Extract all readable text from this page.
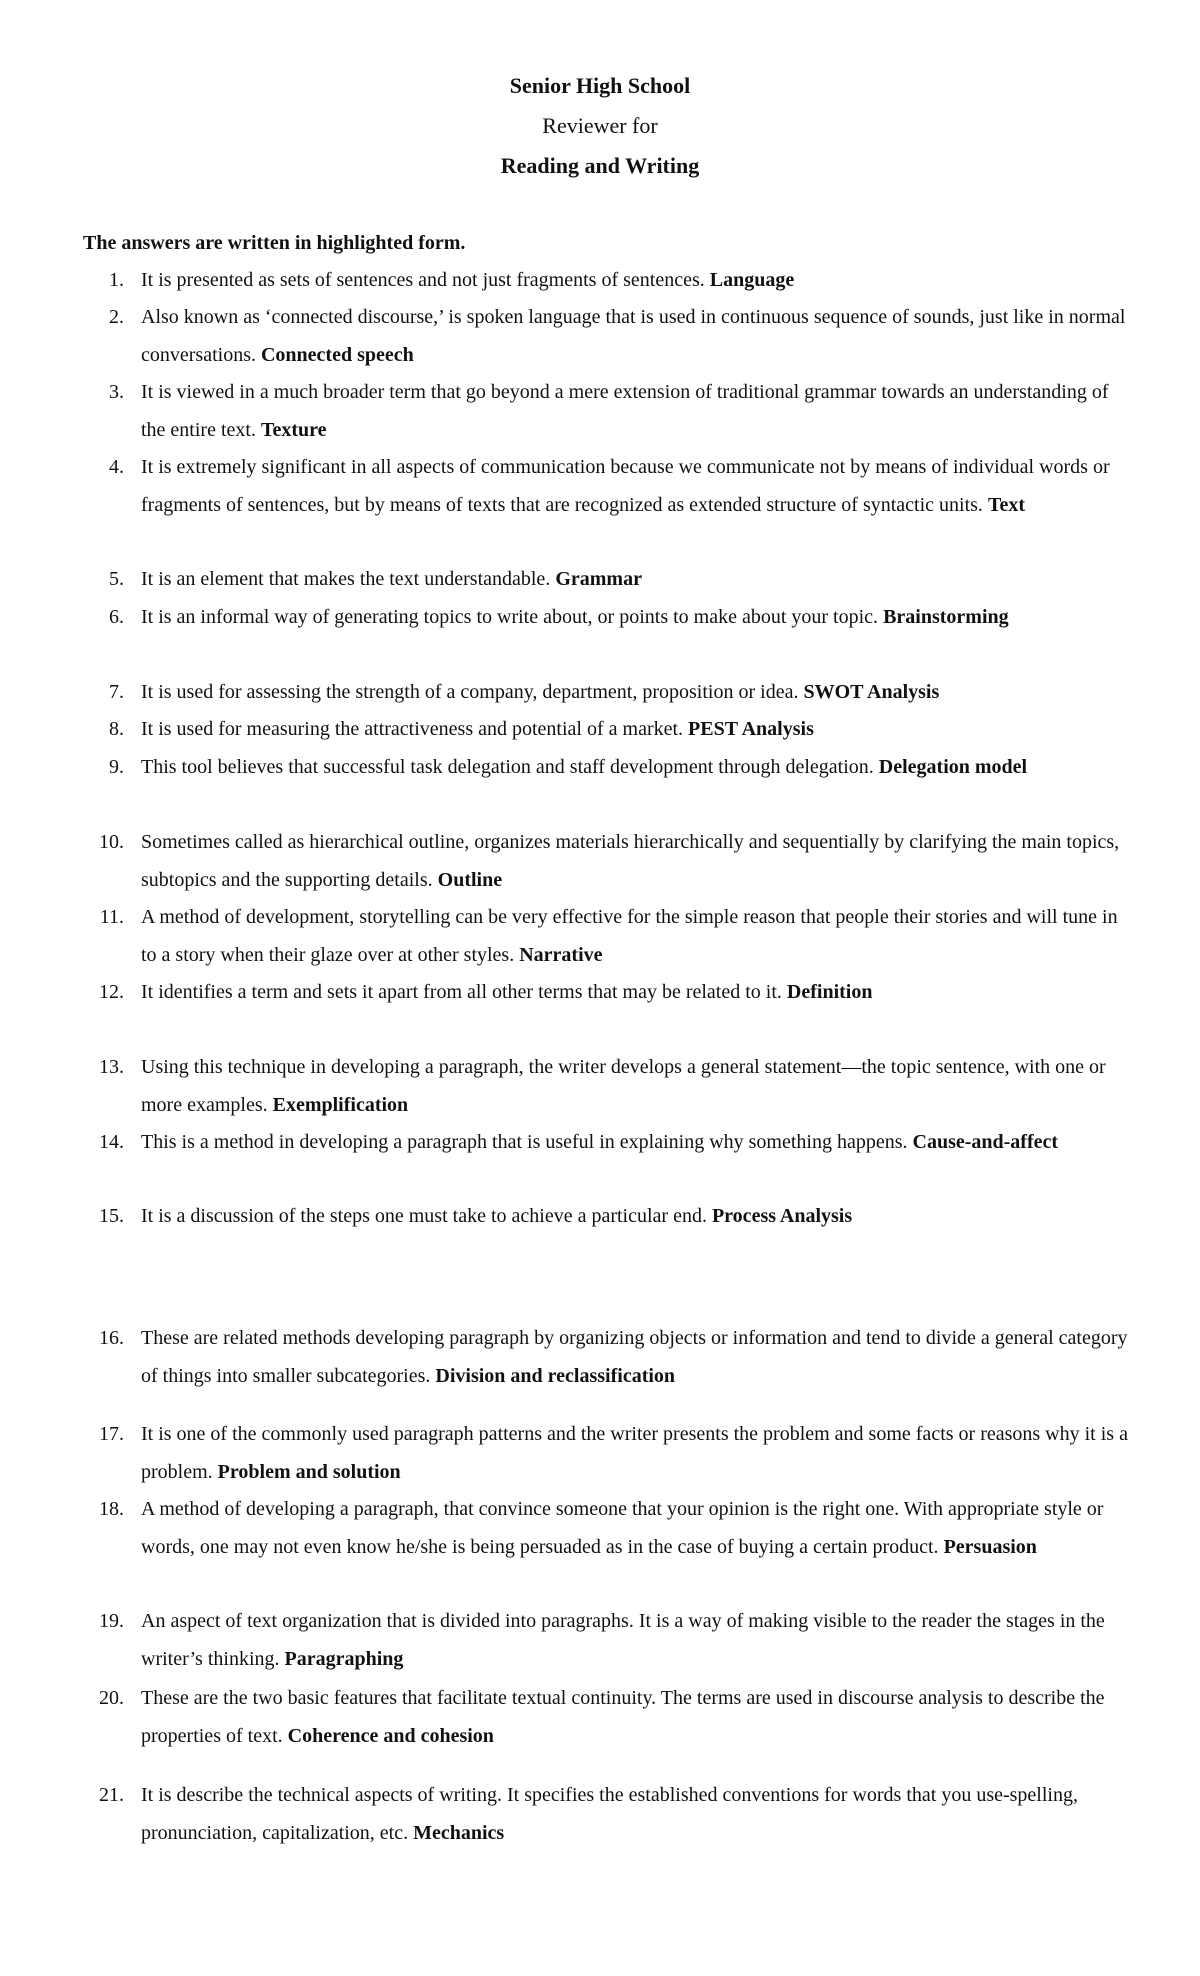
Senior High School
Reviewer for
Reading and Writing
The answers are written in highlighted form.
1. It is presented as sets of sentences and not just fragments of sentences. Language
2. Also known as ‘connected discourse,’ is spoken language that is used in continuous sequence of sounds, just like in normal conversations. Connected speech
3. It is viewed in a much broader term that go beyond a mere extension of traditional grammar towards an understanding of the entire text. Texture
4. It is extremely significant in all aspects of communication because we communicate not by means of individual words or fragments of sentences, but by means of texts that are recognized as extended structure of syntactic units. Text
5. It is an element that makes the text understandable. Grammar
6. It is an informal way of generating topics to write about, or points to make about your topic. Brainstorming
7. It is used for assessing the strength of a company, department, proposition or idea. SWOT Analysis
8. It is used for measuring the attractiveness and potential of a market. PEST Analysis
9. This tool believes that successful task delegation and staff development through delegation. Delegation model
10. Sometimes called as hierarchical outline, organizes materials hierarchically and sequentially by clarifying the main topics, subtopics and the supporting details. Outline
11. A method of development, storytelling can be very effective for the simple reason that people their stories and will tune in to a story when their glaze over at other styles. Narrative
12. It identifies a term and sets it apart from all other terms that may be related to it. Definition
13. Using this technique in developing a paragraph, the writer develops a general statement—the topic sentence, with one or more examples. Exemplification
14. This is a method in developing a paragraph that is useful in explaining why something happens. Cause-and-affect
15. It is a discussion of the steps one must take to achieve a particular end. Process Analysis
16. These are related methods developing paragraph by organizing objects or information and tend to divide a general category of things into smaller subcategories. Division and reclassification
17. It is one of the commonly used paragraph patterns and the writer presents the problem and some facts or reasons why it is a problem. Problem and solution
18. A method of developing a paragraph, that convince someone that your opinion is the right one. With appropriate style or words, one may not even know he/she is being persuaded as in the case of buying a certain product. Persuasion
19. An aspect of text organization that is divided into paragraphs. It is a way of making visible to the reader the stages in the writer’s thinking. Paragraphing
20. These are the two basic features that facilitate textual continuity. The terms are used in discourse analysis to describe the properties of text. Coherence and cohesion
21. It is describe the technical aspects of writing. It specifies the established conventions for words that you use-spelling, pronunciation, capitalization, etc. Mechanics
